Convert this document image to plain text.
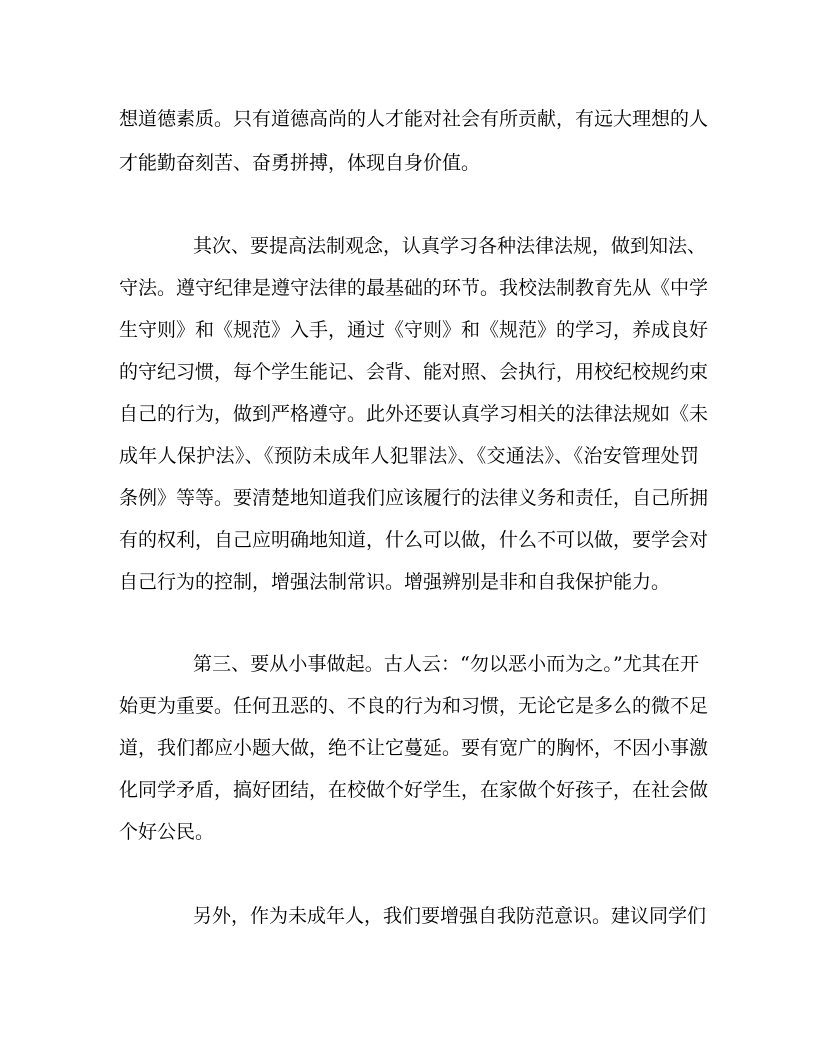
想道德素质。只有道德高尚的人才能对社会有所贡献，有远大理想的人
才能勤奋刻苦、奋勇拼搏，体现自身价值。
其次、要提高法制观念，认真学习各种法律法规，做到知法、
守法。遵守纪律是遵守法律的最基础的环节。我校法制教育先从《中学
生守则》和《规范》入手，通过《守则》和《规范》的学习，养成良好
的守纪习惯，每个学生能记、会背、能对照、会执行，用校纪校规约束
自己的行为，做到严格遵守。此外还要认真学习相关的法律法规如《未
成年人保护法》、《预防未成年人犯罪法》、《交通法》、《治安管理处罚
条例》等等。要清楚地知道我们应该履行的法律义务和责任，自己所拥
有的权利，自己应明确地知道，什么可以做，什么不可以做，要学会对
自己行为的控制，增强法制常识。增强辨别是非和自我保护能力。
第三、要从小事做起。古人云：“勿以恶小而为之。”尤其在开
始更为重要。任何丑恶的、不良的行为和习惯，无论它是多么的微不足
道，我们都应小题大做，绝不让它蔓延。要有宽广的胸怀，不因小事激
化同学矛盾，搞好团结，在校做个好学生，在家做个好孩子，在社会做
个好公民。
另外，作为未成年人，我们要增强自我防范意识。建议同学们
